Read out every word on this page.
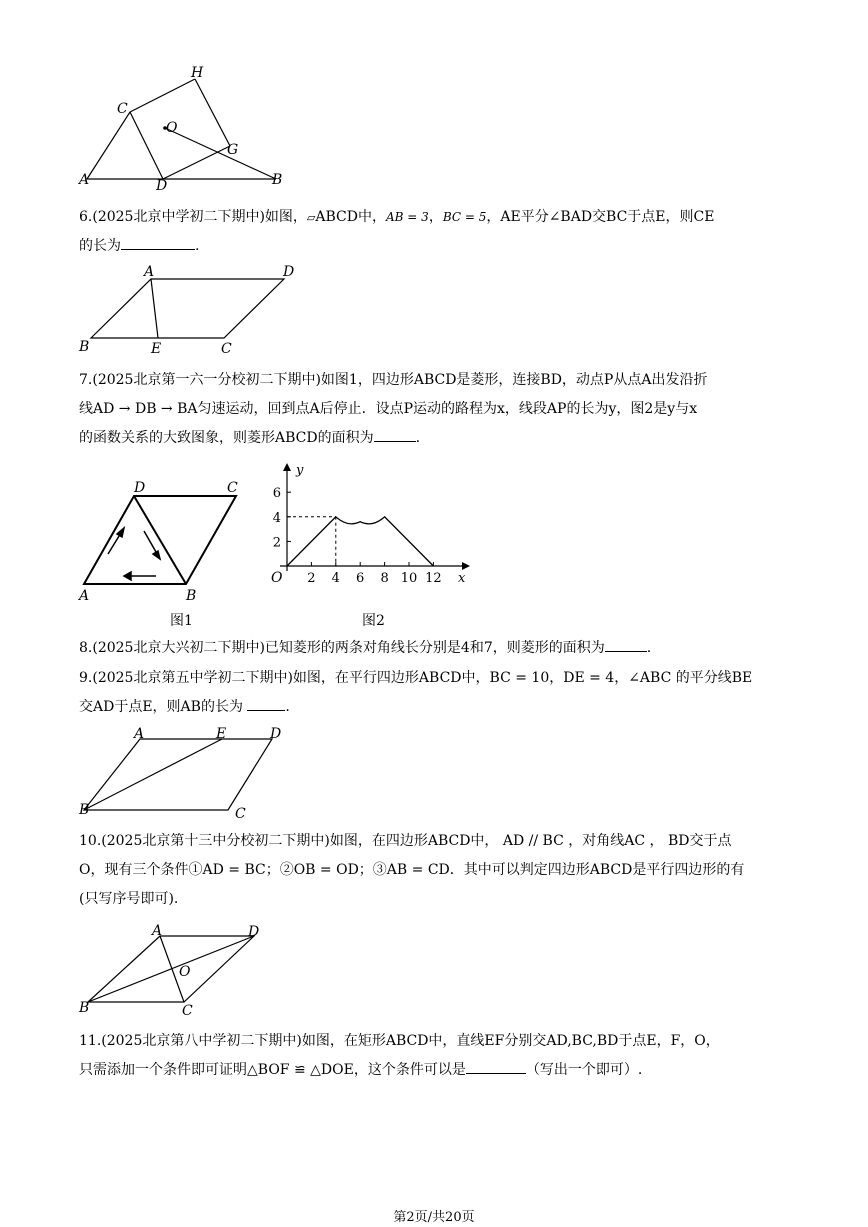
H
C
O
G
A	D	B
6.(2025北京中学初二下期中)如图，▱ABCD中，AB = 3，BC = 5，AE平分∠BAD交BC于点E，则CE
的长为	.
A	D
B	E	C
7.(2025北京第一六一分校初二下期中)如图1，四边形ABCD是菱形，连接BD，动点P从点A出发沿折
线AD → DB → BA匀速运动，回到点A后停止．设点P运动的路程为x，线段AP的长为y，图2是y与x
的函数关系的大致图象，则菱形ABCD的面积为	.
D	C
A	B
图1
y
x
O 2 4 6 8 10 12
6
4
2
图2
8.(2025北京大兴初二下期中)已知菱形的两条对角线长分别是4和7，则菱形的面积为	.
9.(2025北京第五中学初二下期中)如图，在平行四边形ABCD中，BC = 10，DE = 4，∠ABC 的平分线BE
交AD于点E，则AB的长为	.
A	E	D
B	C
10.(2025北京第十三中分校初二下期中)如图，在四边形ABCD中， AD // BC ，对角线AC ， BD交于点
O，现有三个条件①AD = BC；②OB = OD；③AB = CD．其中可以判定四边形ABCD是平行四边形的有
(只写序号即可).
A	D
O
B	C
11.(2025北京第八中学初二下期中)如图，在矩形ABCD中，直线EF分别交AD,BC,BD于点E，F，O，
只需添加一个条件即可证明△BOF ≌ △DOE，这个条件可以是	（写出一个即可）.
第2页/共20页
